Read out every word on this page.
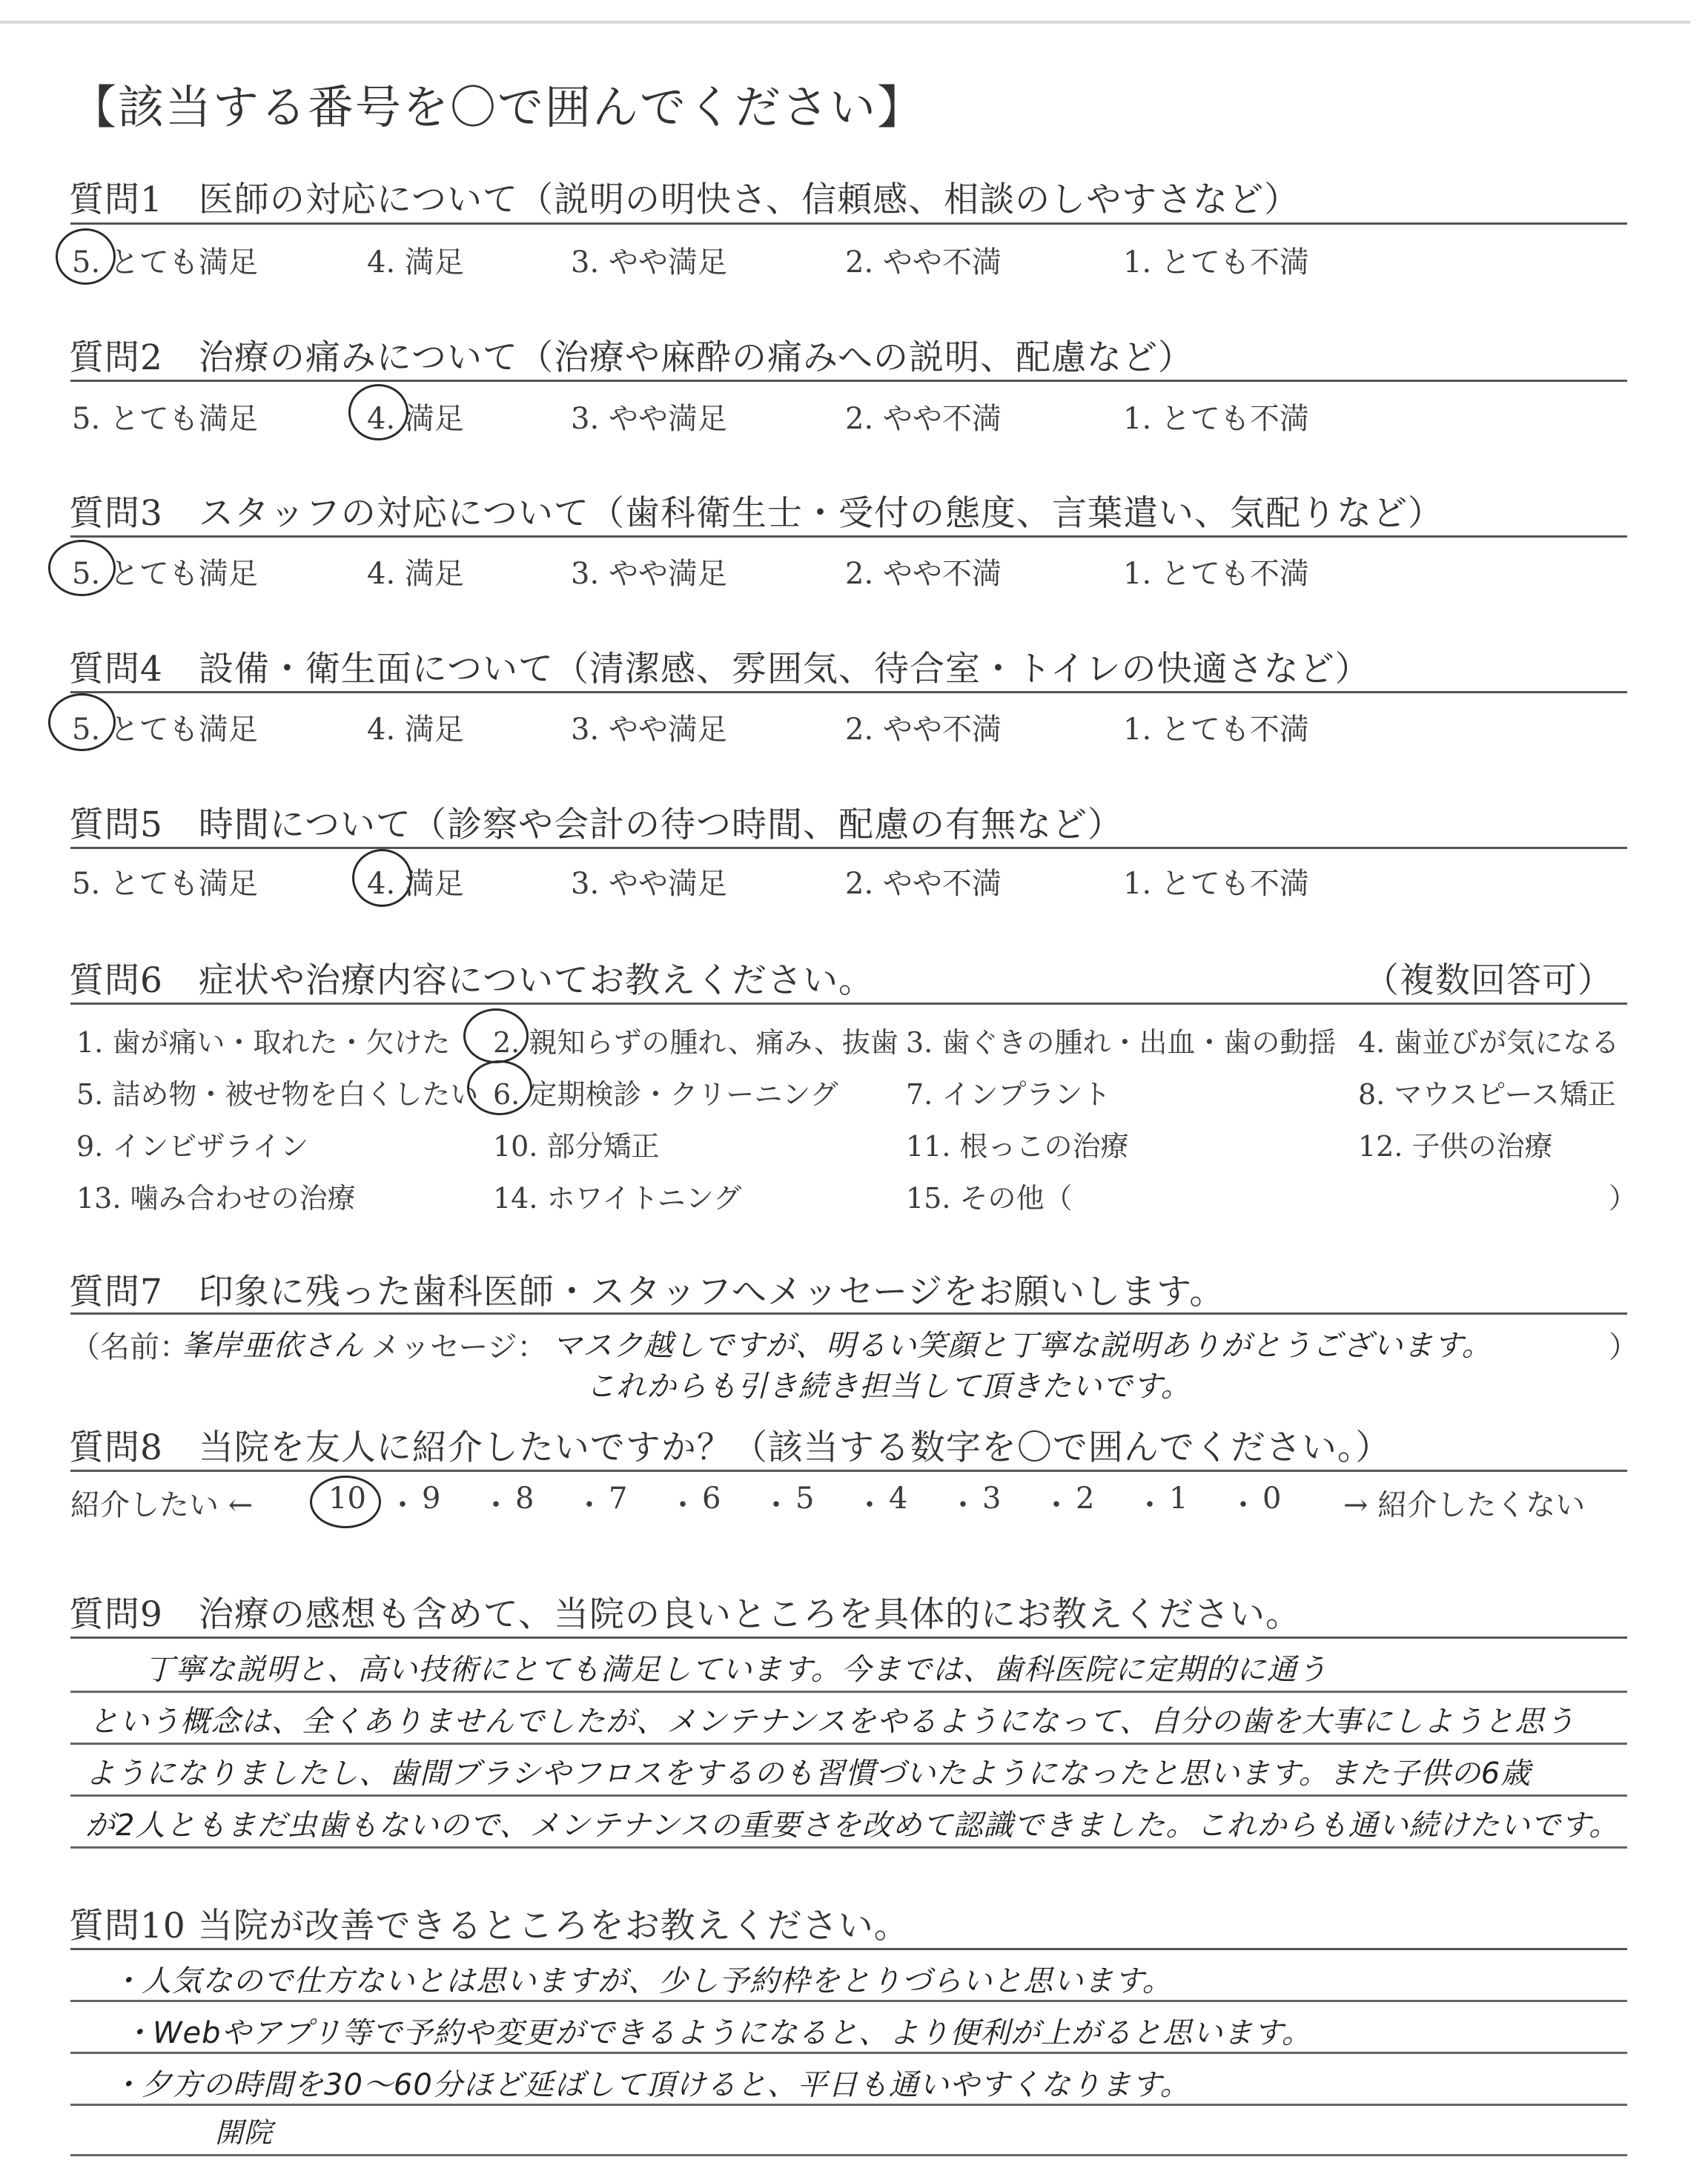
【該当する番号を〇で囲んでください】
質問1　医師の対応について（説明の明快さ、信頼感、相談のしやすさなど）
5. とても満足	4. 満足	3. やや満足	2. やや不満	1. とても不満
質問2　治療の痛みについて（治療や麻酔の痛みへの説明、配慮など）
5. とても満足	4. 満足	3. やや満足	2. やや不満	1. とても不満
質問3　スタッフの対応について（歯科衛生士・受付の態度、言葉遣い、気配りなど）
5. とても満足	4. 満足	3. やや満足	2. やや不満	1. とても不満
質問4　設備・衛生面について（清潔感、雰囲気、待合室・トイレの快適さなど）
5. とても満足	4. 満足	3. やや満足	2. やや不満	1. とても不満
質問5　時間について（診察や会計の待つ時間、配慮の有無など）
5. とても満足	4. 満足	3. やや満足	2. やや不満	1. とても不満
質問6　症状や治療内容についてお教えください。	（複数回答可）
1. 歯が痛い・取れた・欠けた 2. 親知らずの腫れ、痛み、抜歯 3. 歯ぐきの腫れ・出血・歯の動揺 4. 歯並びが気になる
5. 詰め物・被せ物を白くしたい 6. 定期検診・クリーニング 7. インプラント	8. マウスピース矯正
9. インビザライン	10. 部分矯正	11. 根っこの治療	12. 子供の治療
13. 噛み合わせの治療	14. ホワイトニング	15. その他（	）
質問7　印象に残った歯科医師・スタッフへメッセージをお願いします。
（名前：
峯岸亜依さん メッセージ： マスク越しですが、明るい笑顔と丁寧な説明ありがとうございます。
これからも引き続き担当して頂きたいです。
）
質問8　当院を友人に紹介したいですか？（該当する数字を〇で囲んでください。）
紹介したい ←	10 ・ 9 ・ 8 ・ 7 ・ 6 ・ 5 ・ 4 ・ 3 ・ 2 ・ 1 ・ 0 → 紹介したくない
質問9　治療の感想も含めて、当院の良いところを具体的にお教えください。
丁寧な説明と、高い技術にとても満足しています。今までは、歯科医院に定期的に通う
という概念は、全くありませんでしたが、メンテナンスをやるようになって、自分の歯を大事にしようと思う
ようになりましたし、歯間ブラシやフロスをするのも習慣づいたようになったと思います。また子供の6歳
が2人ともまだ虫歯もないので、メンテナンスの重要さを改めて認識できました。これからも通い続けたいです。
質問10 当院が改善できるところをお教えください。
・人気なので仕方ないとは思いますが、少し予約枠をとりづらいと思います。
・Webやアプリ等で予約や変更ができるようになると、より便利が上がると思います。
・夕方の時間を30～60分ほど延ばして頂けると、平日も通いやすくなります。
開院
